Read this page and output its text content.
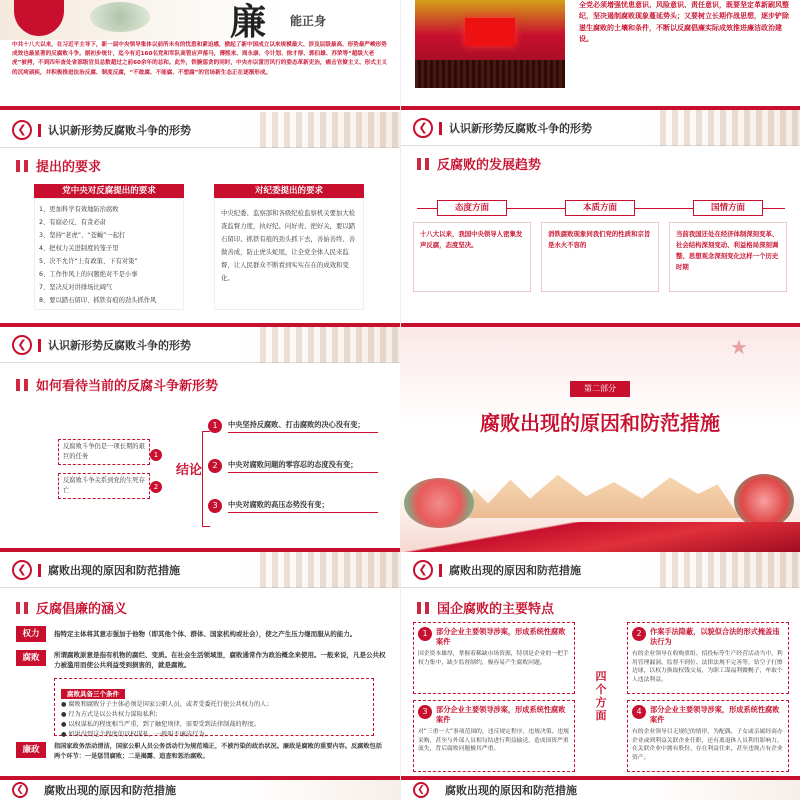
廉 能正身
中共十八大以来，在习近平主导下，新一届中央领导集体以前所未有的忧患和紧迫感，掀起了新中国成立以来规模最大、涉及层级最高、形势最严峻形势成效也最显著的反腐败斗争。据初步统计，迄今有近160名党和军队高管应声落马，薄熙来、周永康、令计划、徐才厚、郭伯雄、苏荣等“超级大老虎”被拷，不到四年查处省部级官员总数超过之前60余年的总和。此外，铁腕惩贪的同时，中央亦以雷厉风行的姿态革新吏治，痛击官僚主义、形式主义的沉疴顽疾，并积极推进法治反腐、制度反腐，“不敢腐、不能腐、不想腐”的官场新生态正在逐渐形成。
全党必须增强忧患意识、风险意识、责任意识，既要坚定革新刷风整纪，坚决遏制腐败现象蔓延势头；又要树立长期作战思想，逐步铲除滋生腐败的土壤和条件，不断以反腐倡廉实际成效推进廉洁政治建设。
❮	认识新形势反腐败斗争的形势
提出的要求
党中央对反腐提出的要求
1、更加科学有效地防治腐败
2、有腐必反、有贪必肃
3、坚持“老虎”、“苍蝇”一起打
4、把权力关进制度的笼子里
5、决不允许“上有政策、下有对策”
6、工作作风上的问题绝对不是小事
7、坚决反对讲排场比阔气
8、要以踏石留印、抓铁有痕的劲头抓作风
对纪委提出的要求
中央纪委、监察部和各级纪检监察机关要加大检查监督力度，执好纪、问好责、把好关，要以踏石留印、抓铁有痕的劲头抓下去，善始善终、善做善成，防止虎头蛇尾，让全党全体人民来监督，让人民群众不断看到实实在在的成效和变化。
❮	认识新形势反腐败斗争的形势
反腐败的发展趋势
态度方面
十八大以来，我国中央领导人密集发声反腐，态度坚决。
本质方面
消铁腐败现象同我们党的性质和宗旨是水火不容的
国情方面
当前我国还处在经济体制深刻变革、社会结构深刻变动、利益格局深刻调整、思想观念深刻变化这样一个历史时期
❮	认识新形势反腐败斗争的形势
如何看待当前的反腐斗争新形势
反腐败斗争仍是一项长期的艰巨的任务
反腐败斗争关系到党的生死存亡
1
2
结论
1	中央坚持反腐败、打击腐败的决心没有变；
2	中央对腐败问题的零容忍的态度没有变；
3	中央对腐败的高压态势没有变；
★
第二部分
腐败出现的原因和防范措施
❮	腐败出现的原因和防范措施
反腐倡廉的涵义
权力	指特定主体将其意志强加于他物（即其他个体、群体、国家机构或社会），使之产生压力继而服从的能力。
腐败	所谓腐败原意是指有机物的腐烂、变质。在社会生活领域里，腐败通常作为政治概念来使用。一般来说，凡是公共权力被滥用而使公共利益受到损害的，就是腐败。
腐败具备三个条件
● 腐败和腐败分子主体必须是国家公职人员，或者受委托行使公共权力的人；
● 行为方式是以公共权力谋取私利；
● 以权谋私的程度相当严重，到了触犯刑律，需要受到法律制裁的程度。
● 如果没到这个程度的以权谋私，一般叫不廉洁行为。
廉政	指国家政务活动清洁，国家公职人员公务活动行为规范端正，不被污染的政治状况。廉政是腐败的重要内容。反腐败包括两个环节：一是惩罚腐败；二是揭露、追查和惩治腐败。
❮	腐败出现的原因和防范措施
国企腐败的主要特点
四个方面
1	部分企业主要领导涉案，形成系统性腐败案件
国企资本雄厚，掌握着稀缺市场资源，特别是企业的一把手权力集中，缺少监督制约，极容易产生腐败问题。
2	作案手法隐蔽，以貌似合法的形式掩盖违法行为
有的企业领导在收购重组、招投标等生产经营活动当中，利用管理漏洞、监督不到位、法律法规不完善等，钻空子打擦边球，以权力换取权钱交易，为职工谋福利做幌子，牟取个人违法利益。
3	部分企业主要领导涉案，形成系统性腐败案件
对“三重一大”事项范围的，违反规定程序，违规决策、违规采购，甚至与外部人员相勾结进行利益输送，造成国资严重流失，背后腐败问题极其严重。
4	部分企业主要领导涉案，形成系统性腐败案件
有的企业领导目无规纪的情形，为配偶、子女或亲属经商办企业或到利益关联企业任职，还有离退休人员利用影响力，在关联企业中拥有股份、存在利益往来，甚至违规占有企业资产。
❮	腐败出现的原因和防范措施	❮	腐败出现的原因和防范措施
